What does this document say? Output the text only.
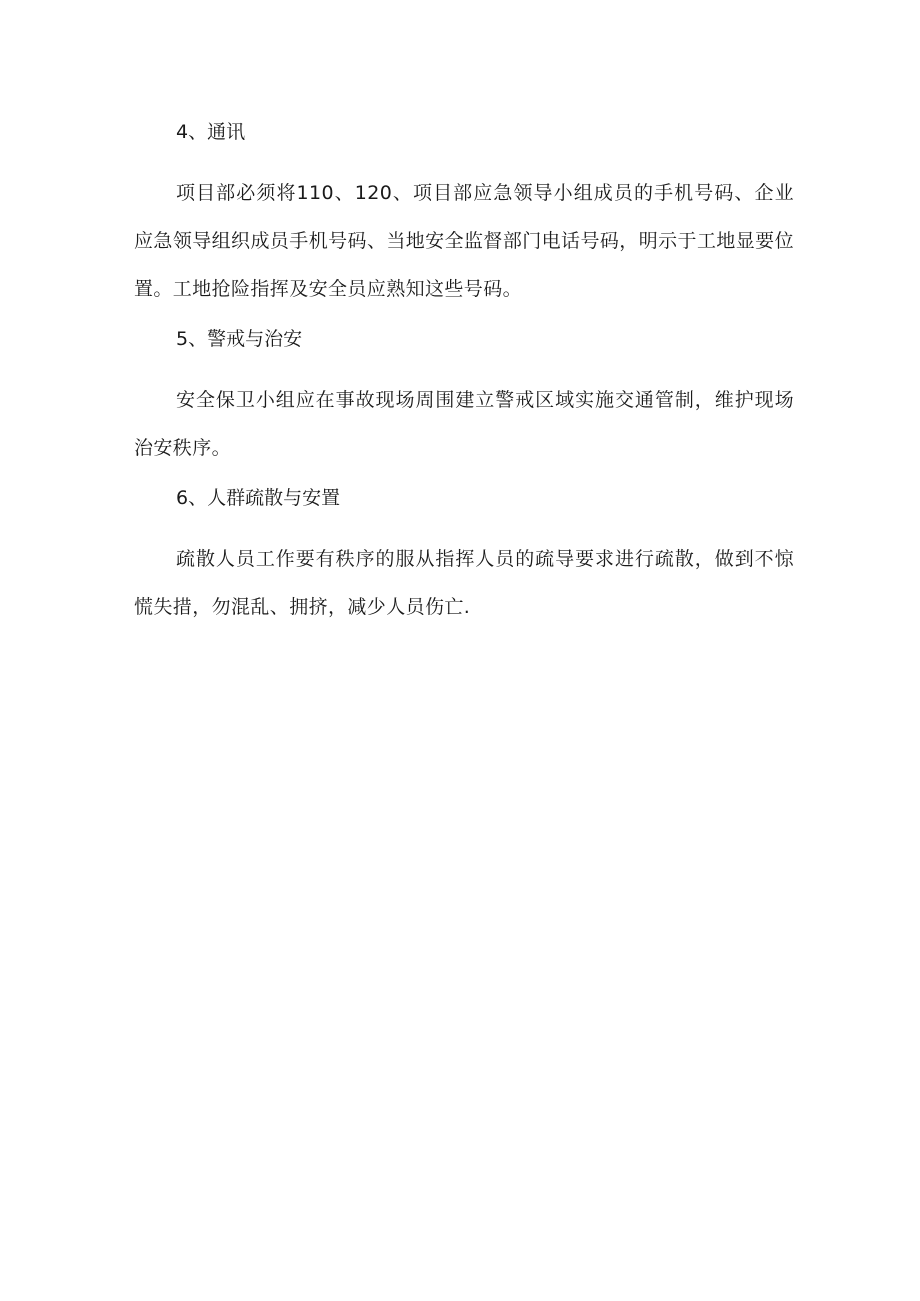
4、通讯

项目部必须将110、120、项目部应急领导小组成员的手机号码、企业应急领导组织成员手机号码、当地安全监督部门电话号码，明示于工地显要位置。工地抢险指挥及安全员应熟知这些号码。

5、警戒与治安

安全保卫小组应在事故现场周围建立警戒区域实施交通管制，维护现场治安秩序。

6、人群疏散与安置

疏散人员工作要有秩序的服从指挥人员的疏导要求进行疏散，做到不惊慌失措，勿混乱、拥挤，减少人员伤亡.
